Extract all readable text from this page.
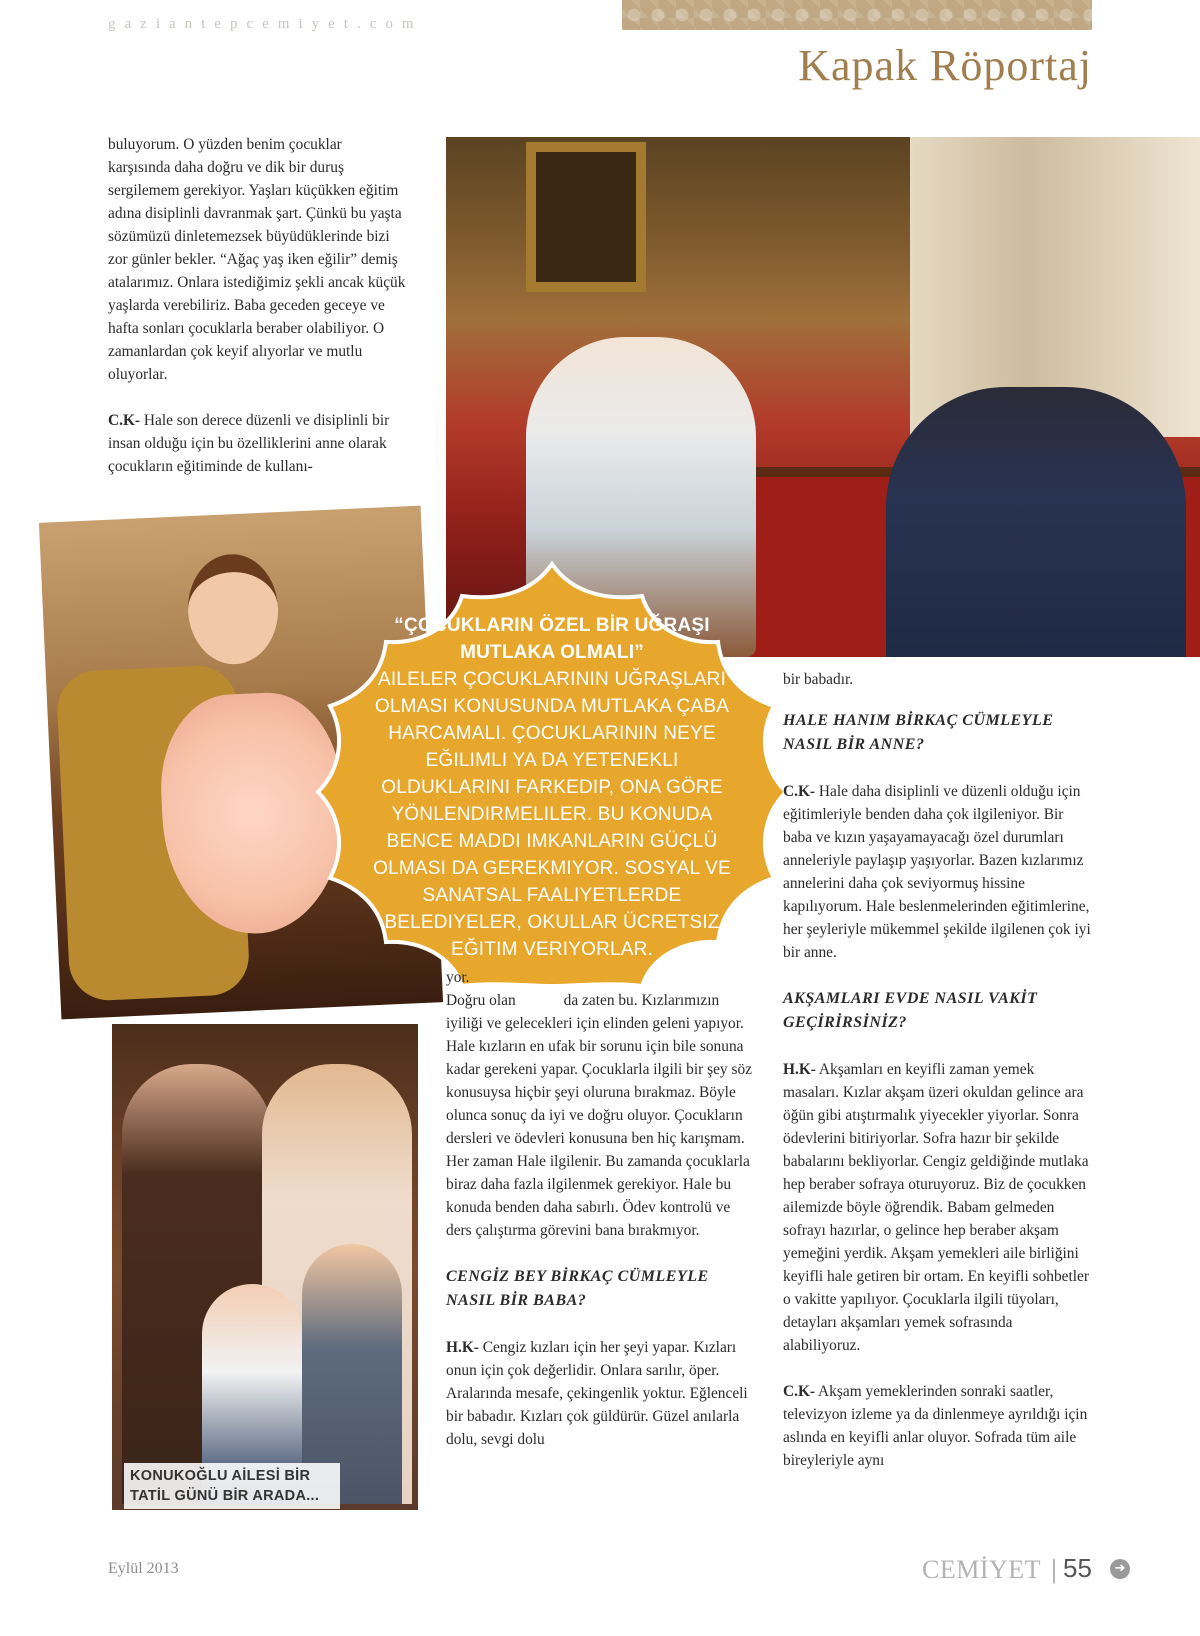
gaziantepcemiyet.com
Kapak Röportaj

buluyorum. O yüzden benim çocuklar karşısında daha doğru ve dik bir duruş sergilemem gerekiyor. Yaşları küçükken eğitim adına disiplinli davranmak şart. Çünkü bu yaşta sözümüzü dinletemezsek büyüdüklerinde bizi zor günler bekler. “Ağaç yaş iken eğilir” demiş atalarımız. Onlara istediğimiz şekli ancak küçük yaşlarda verebiliriz. Baba geceden geceye ve hafta sonları çocuklarla beraber olabiliyor. O zamanlardan çok keyif alıyorlar ve mutlu oluyorlar.

C.K- Hale son derece düzenli ve disiplinli bir insan olduğu için bu özelliklerini anne olarak çocukların eğitiminde de kullanı-

KONUKOĞLU AİLESİ BİR TATİL GÜNÜ BİR ARADA...
“ÇOCUKLARIN ÖZEL BİR UĞRAŞI MUTLAKA OLMALI”
AILELER ÇOCUKLARININ UĞRAŞLARI OLMASI KONUSUNDA MUTLAKA ÇABA HARCAMALI. ÇOCUKLARININ NEYE EĞILIMLI YA DA YETENEKLI OLDUKLARINI FARKEDIP, ONA GÖRE YÖNLENDIRMELILER. BU KONUDA BENCE MADDI IMKANLARIN GÜÇLÜ OLMASI DA GEREKMIYOR. SOSYAL VE SANATSAL FAALIYETLERDE BELEDIYELER, OKULLAR ÜCRETSIZ EĞITIM VERIYORLAR.
yor.

Doğru olan	da zaten bu. Kızlarımızın iyiliği ve gelecekleri için elinden geleni yapıyor. Hale kızların en ufak bir sorunu için bile sonuna kadar gerekeni yapar. Çocuklarla ilgili bir şey söz konusuysa hiçbir şeyi oluruna bırakmaz. Böyle olunca sonuç da iyi ve doğru oluyor. Çocukların dersleri ve ödevleri konusuna ben hiç karışmam. Her zaman Hale ilgilenir. Bu zamanda çocuklarla biraz daha fazla ilgilenmek gerekiyor. Hale bu konuda benden daha sabırlı. Ödev kontrolü ve ders çalıştırma görevini bana bırakmıyor.

CENGİZ BEY BİRKAÇ CÜMLEYLE NASIL BİR BABA?

H.K- Cengiz kızları için her şeyi yapar. Kızları onun için çok değerlidir. Onlara sarılır, öper. Aralarında mesafe, çekingenlik yoktur. Eğlenceli bir babadır. Kızları çok güldürür. Güzel anılarla dolu, sevgi dolu

bir babadır.

HALE HANIM BİRKAÇ CÜMLEYLE NASIL BİR ANNE?

C.K- Hale daha disiplinli ve düzenli olduğu için eğitimleriyle benden daha çok ilgileniyor. Bir baba ve kızın yaşayamayacağı özel durumları anneleriyle paylaşıp yaşıyorlar. Bazen kızlarımız annelerini daha çok seviyormuş hissine kapılıyorum. Hale beslenmelerinden eğitimlerine, her şeyleriyle mükemmel şekilde ilgilenen çok iyi bir anne.

AKŞAMLARI EVDE NASIL VAKİT GEÇİRİRSİNİZ?

H.K- Akşamları en keyifli zaman yemek masaları. Kızlar akşam üzeri okuldan gelince ara öğün gibi atıştırmalık yiyecekler yiyorlar. Sonra ödevlerini bitiriyorlar. Sofra hazır bir şekilde babalarını bekliyorlar. Cengiz geldiğinde mutlaka hep beraber sofraya oturuyoruz. Biz de çocukken ailemizde böyle öğrendik. Babam gelmeden sofrayı hazırlar, o gelince hep beraber akşam yemeğini yerdik. Akşam yemekleri aile birliğini keyifli hale getiren bir ortam. En keyifli sohbetler o vakitte yapılıyor. Çocuklarla ilgili tüyoları, detayları akşamları yemek sofrasında alabiliyoruz.

C.K- Akşam yemeklerinden sonraki saatler, televizyon izleme ya da dinlenmeye ayrıldığı için aslında en keyifli anlar oluyor. Sofrada tüm aile bireyleriyle aynı

Eylül 2013	CEMİYET | 55	➜
